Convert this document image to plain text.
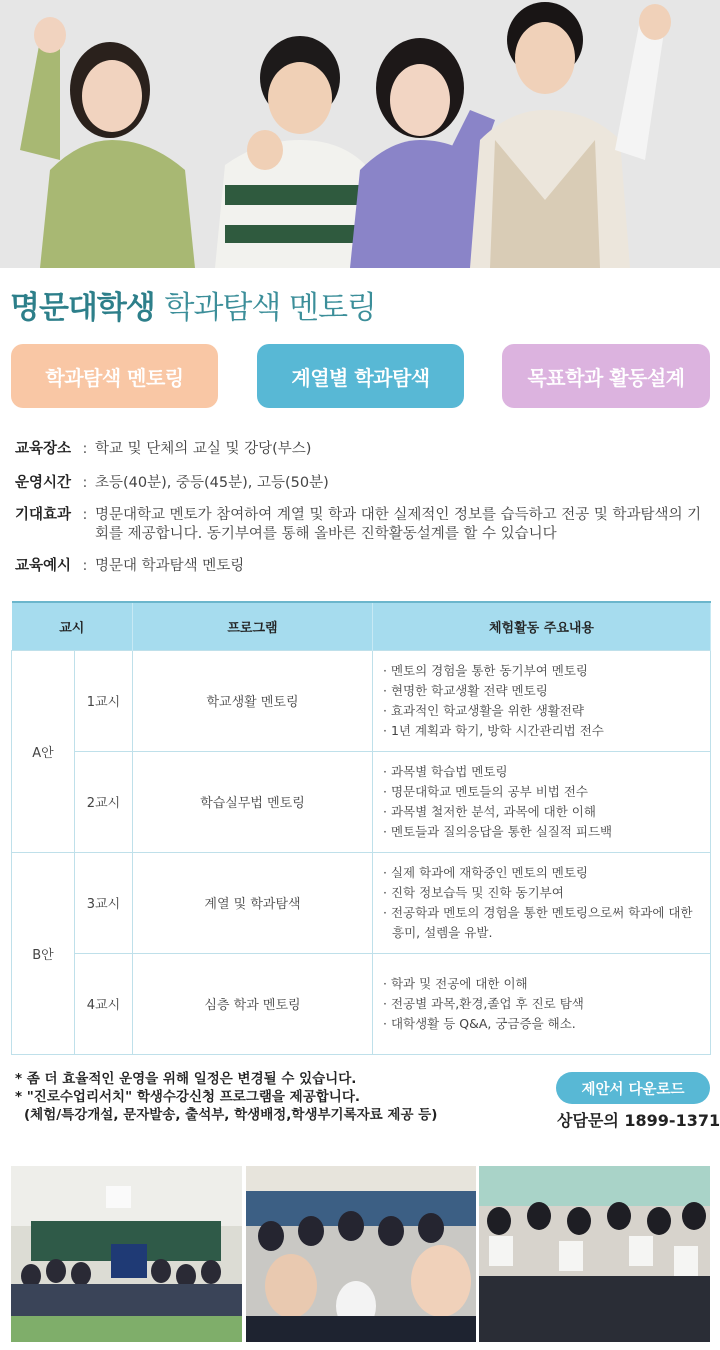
명문대학생 학과탐색 멘토링
학과탐색 멘토링	계열별 학과탐색	목표학과 활동설계
교육장소 : 학교 및 단체의 교실 및 강당(부스)
운영시간 : 초등(40분), 중등(45분), 고등(50분)
기대효과 : 명문대학교 멘토가 참여하여 계열 및 학과 대한 실제적인 정보를 습득하고 전공 및 학과탐색의 기회를 제공합니다. 동기부여를 통해 올바른 진학활동설계를 할 수 있습니다
교육예시 : 명문대 학과탐색 멘토링
교시		프로그램	체험활동 주요내용
A안	1교시	학교생활 멘토링	· 멘토의 경험을 통한 동기부여 멘토링
· 현명한 학교생활 전략 멘토링
· 효과적인 학교생활을 위한 생활전략
· 1년 계획과 학기, 방학 시간관리법 전수

	2교시	학습실무법 멘토링	· 과목별 학습법 멘토링
· 명문대학교 멘토들의 공부 비법 전수
· 과목별 철저한 분석, 과목에 대한 이해
· 멘토들과 질의응답을 통한 실질적 피드백

B안	3교시	계열 및 학과탐색	· 실제 학과에 재학중인 멘토의 멘토링
· 진학 정보습득 및 진학 동기부여
· 전공학과 멘토의 경험을 통한 멘토링으로써 학과에 대한
흥미, 설렘을 유발.

	4교시	심층 학과 멘토링	· 학과 및 전공에 대한 이해
· 전공별 과목,환경,졸업 후 진로 탐색
· 대학생활 등 Q&A, 궁금증을 해소.
* 좀 더 효율적인 운영을 위해 일정은 변경될 수 있습니다.
* "진로수업리서치" 학생수강신청 프로그램을 제공합니다.
(체험/특강개설, 문자발송, 출석부, 학생배정,학생부기록자료 제공 등)
제안서 다운로드
상담문의 1899-1371
